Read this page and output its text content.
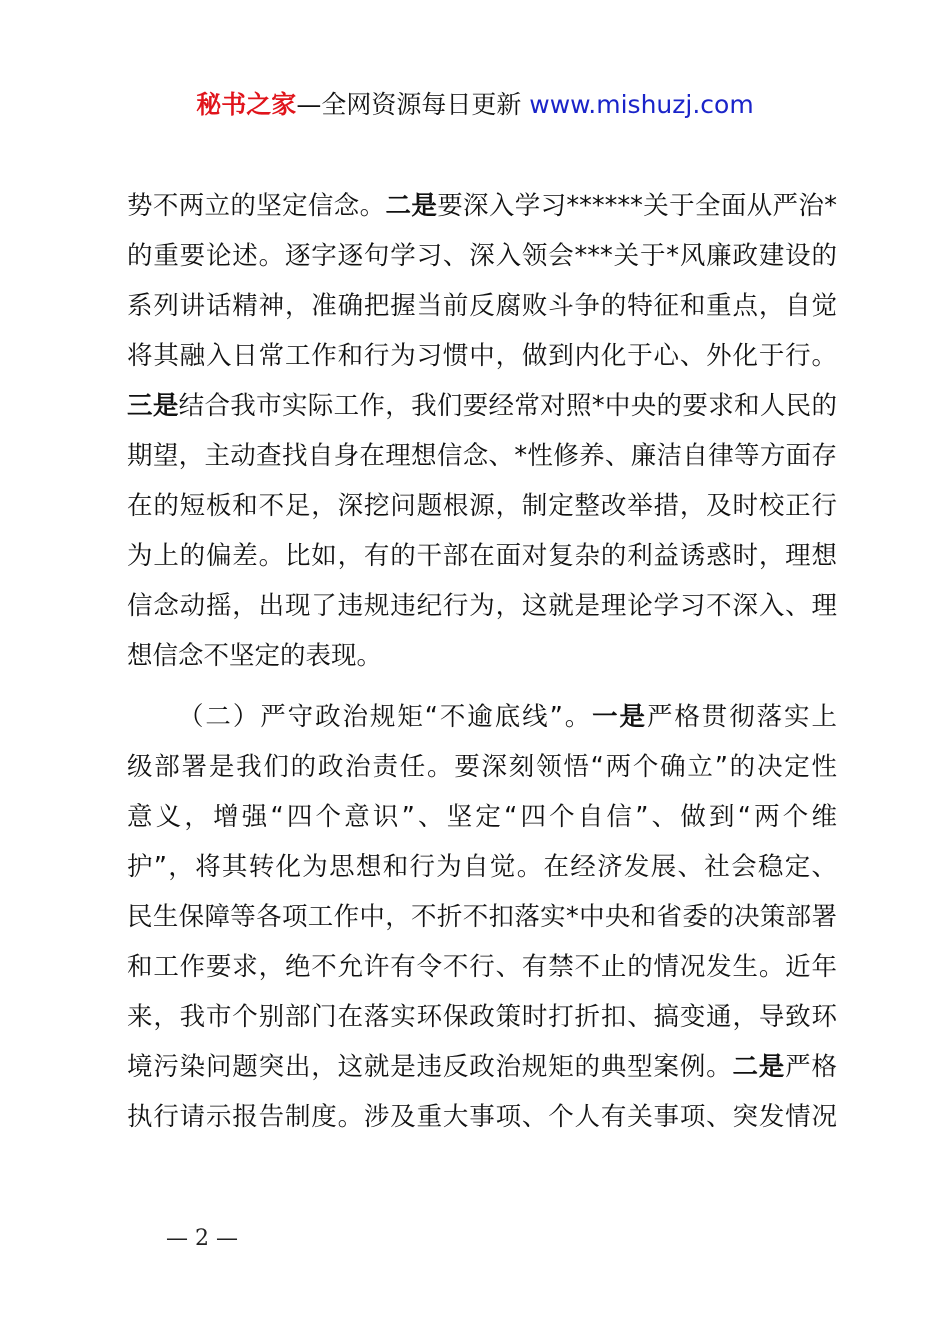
秘书之家—全网资源每日更新 www.mishuzj.com
势不两立的坚定信念。二是要深入学习******关于全面从严治*
的重要论述。逐字逐句学习、深入领会***关于*风廉政建设的
系列讲话精神，准确把握当前反腐败斗争的特征和重点，自觉
将其融入日常工作和行为习惯中，做到内化于心、外化于行。
三是结合我市实际工作，我们要经常对照*中央的要求和人民的
期望，主动查找自身在理想信念、*性修养、廉洁自律等方面存
在的短板和不足，深挖问题根源，制定整改举措，及时校正行
为上的偏差。比如，有的干部在面对复杂的利益诱惑时，理想
信念动摇，出现了违规违纪行为，这就是理论学习不深入、理
想信念不坚定的表现。
（二）严守政治规矩“不逾底线”。一是严格贯彻落实上
级部署是我们的政治责任。要深刻领悟“两个确立”的决定性
意义，增强“四个意识”、坚定“四个自信”、做到“两个维
护”，将其转化为思想和行为自觉。在经济发展、社会稳定、
民生保障等各项工作中，不折不扣落实*中央和省委的决策部署
和工作要求，绝不允许有令不行、有禁不止的情况发生。近年
来，我市个别部门在落实环保政策时打折扣、搞变通，导致环
境污染问题突出，这就是违反政治规矩的典型案例。二是严格
执行请示报告制度。涉及重大事项、个人有关事项、突发情况
— 2 —
